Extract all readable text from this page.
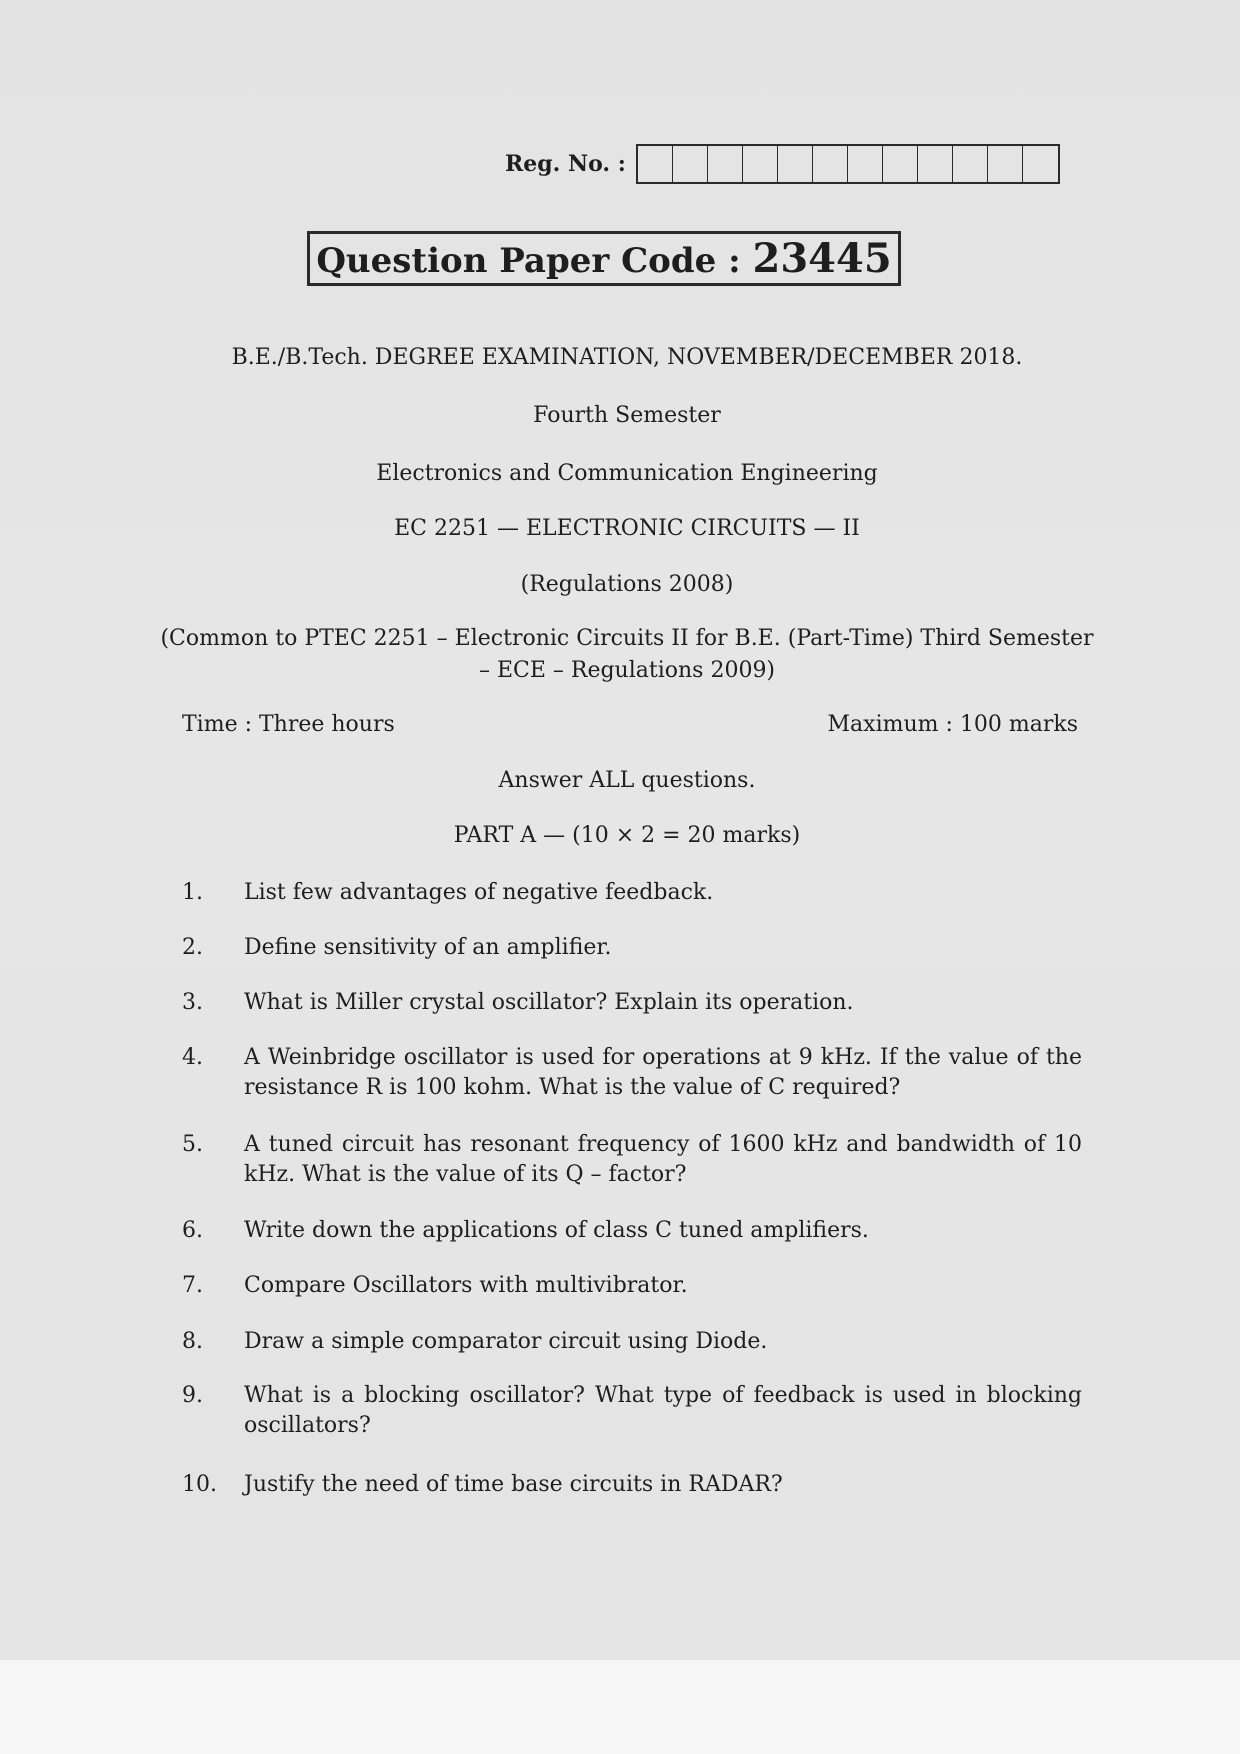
Reg. No. :
Question Paper Code : 23445
B.E./B.Tech. DEGREE EXAMINATION, NOVEMBER/DECEMBER 2018.
Fourth Semester
Electronics and Communication Engineering
EC 2251 — ELECTRONIC CIRCUITS — II
(Regulations 2008)
(Common to PTEC 2251 – Electronic Circuits II for B.E. (Part-Time) Third Semester
– ECE – Regulations 2009)
Time : Three hours	Maximum : 100 marks
Answer ALL questions.
PART A — (10 × 2 = 20 marks)
1.	List few advantages of negative feedback.
2.	Define sensitivity of an amplifier.
3.	What is Miller crystal oscillator? Explain its operation.
4.	A Weinbridge oscillator is used for operations at 9 kHz. If the value of the resistance R is 100 kohm. What is the value of C required?
5.	A tuned circuit has resonant frequency of 1600 kHz and bandwidth of 10 kHz. What is the value of its Q – factor?
6.	Write down the applications of class C tuned amplifiers.
7.	Compare Oscillators with multivibrator.
8.	Draw a simple comparator circuit using Diode.
9.	What is a blocking oscillator? What type of feedback is used in blocking oscillators?
10.	Justify the need of time base circuits in RADAR?
